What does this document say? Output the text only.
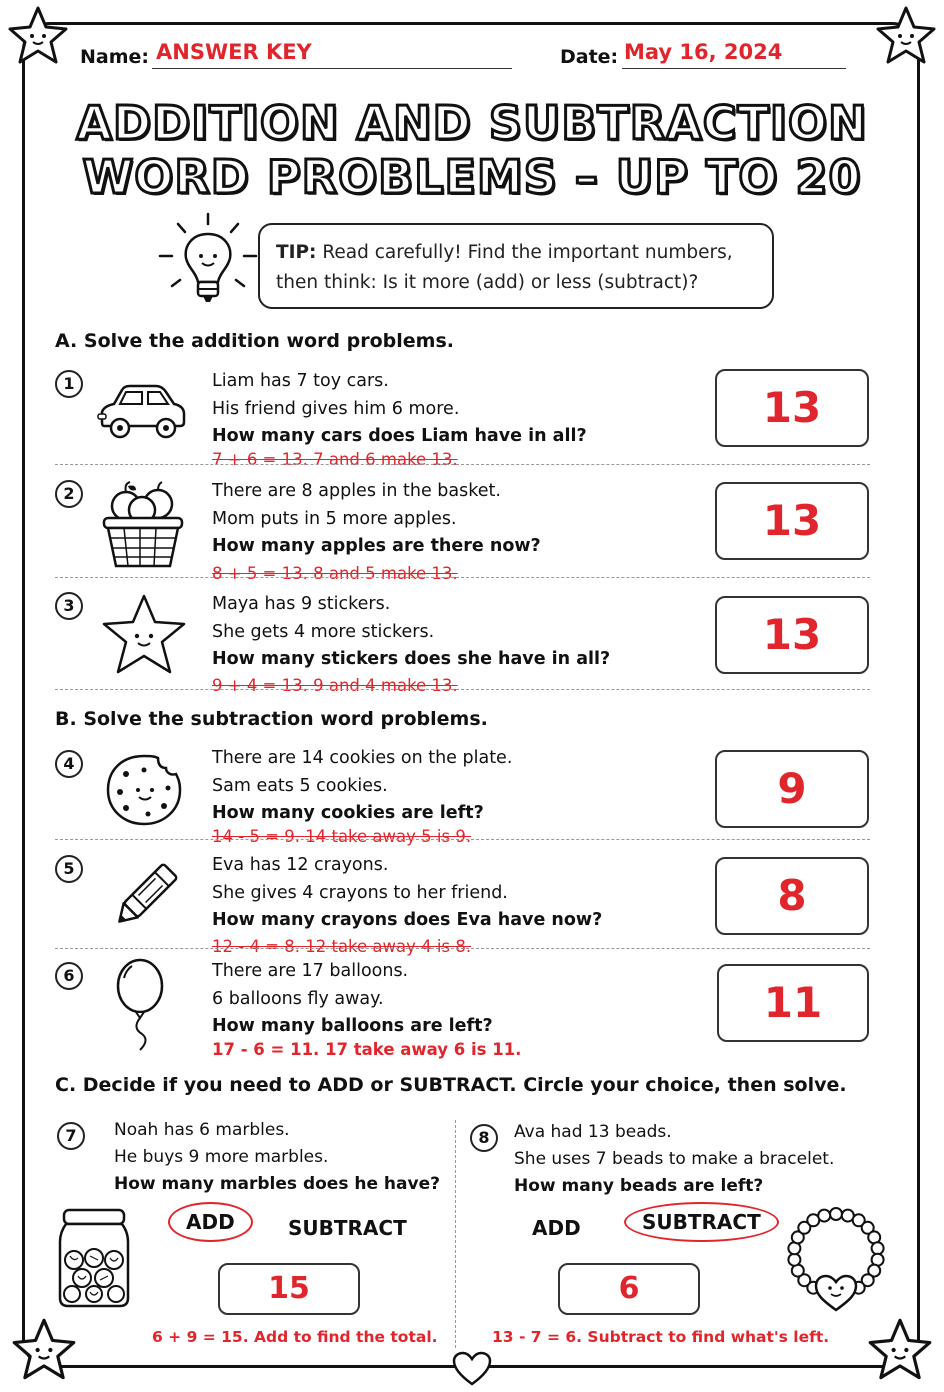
Name: ANSWER KEY	Date: May 16, 2024
ADDITION AND SUBTRACTION
WORD PROBLEMS – UP TO 20
TIP: Read carefully! Find the important numbers,
then think: Is it more (add) or less (subtract)?
A. Solve the addition word problems.
1	Liam has 7 toy cars.
His friend gives him 6 more.
How many cars does Liam have in all?
7 + 6 = 13. 7 and 6 make 13.
13
2	There are 8 apples in the basket.
Mom puts in 5 more apples.
How many apples are there now?
8 + 5 = 13. 8 and 5 make 13.
13
3	Maya has 9 stickers.
She gets 4 more stickers.
How many stickers does she have in all?
9 + 4 = 13. 9 and 4 make 13.
13
B. Solve the subtraction word problems.
4	There are 14 cookies on the plate.
Sam eats 5 cookies.
How many cookies are left?
14 - 5 = 9. 14 take away 5 is 9.
9
5	Eva has 12 crayons.
She gives 4 crayons to her friend.
How many crayons does Eva have now?
12 - 4 = 8. 12 take away 4 is 8.
8
6	There are 17 balloons.
6 balloons fly away.
How many balloons are left?
17 - 6 = 11. 17 take away 6 is 11.
11
C. Decide if you need to ADD or SUBTRACT. Circle your choice, then solve.
7	Noah has 6 marbles.
He buys 9 more marbles.
How many marbles does he have?
ADD	SUBTRACT
15
6 + 9 = 15. Add to find the total.
8	Ava had 13 beads.
She uses 7 beads to make a bracelet.
How many beads are left?
ADD	SUBTRACT
6
13 - 7 = 6. Subtract to find what's left.
